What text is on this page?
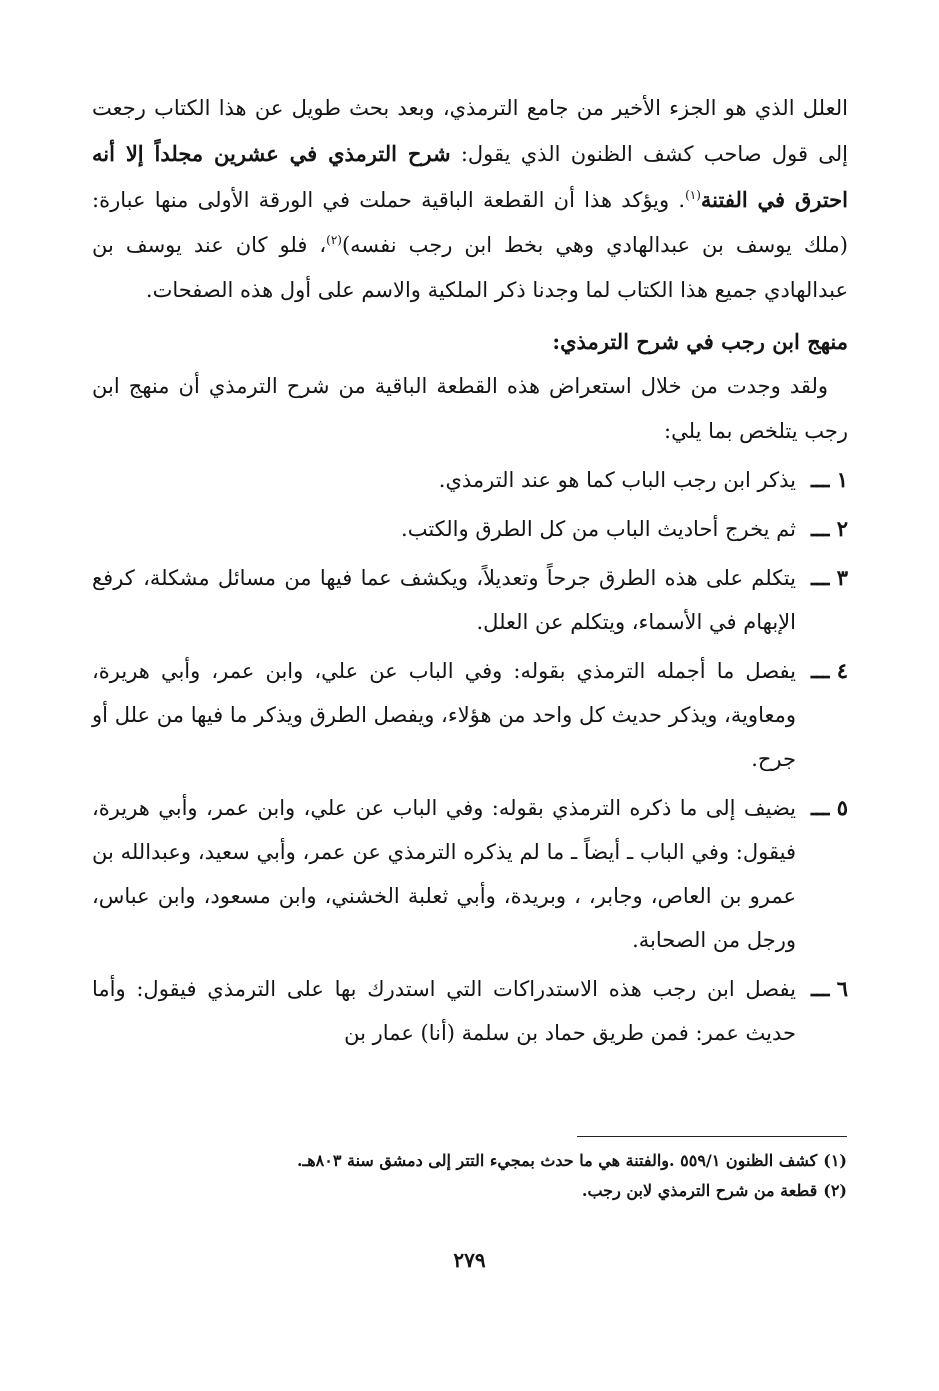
العلل الذي هو الجزء الأخير من جامع الترمذي، وبعد بحث طويل عن هذا الكتاب رجعت إلى قول صاحب كشف الظنون الذي يقول: شرح الترمذي في عشرين مجلداً إلا أنه احترق في الفتنة$^{(١)}$. ويؤكد هذا أن القطعة الباقية حملت في الورقة الأولى منها عبارة: (ملك يوسف بن عبدالهادي وهي بخط ابن رجب نفسه)$^{(٢)}$، فلو كان عند يوسف بن عبدالهادي جميع هذا الكتاب لما وجدنا ذكر الملكية والاسم على أول هذه الصفحات.

منهج ابن رجب في شرح الترمذي:
ولقد وجدت من خلال استعراض هذه القطعة الباقية من شرح الترمذي أن منهج ابن رجب يتلخص بما يلي:
١ ـــ
يذكر ابن رجب الباب كما هو عند الترمذي.
٢ ـــ
ثم يخرج أحاديث الباب من كل الطرق والكتب.
٣ ـــ
يتكلم على هذه الطرق جرحاً وتعديلاً، ويكشف عما فيها من مسائل مشكلة، كرفع الإبهام في الأسماء، ويتكلم عن العلل.
٤ ـــ
يفصل ما أجمله الترمذي بقوله: وفي الباب عن علي، وابن عمر، وأبي هريرة، ومعاوية، ويذكر حديث كل واحد من هؤلاء، ويفصل الطرق ويذكر ما فيها من علل أو جرح.
٥ ـــ
يضيف إلى ما ذكره الترمذي بقوله: وفي الباب عن علي، وابن عمر، وأبي هريرة، فيقول: وفي الباب ـ أيضاً ـ ما لم يذكره الترمذي عن عمر، وأبي سعيد، وعبدالله بن عمرو بن العاص، وجابر، ، وبريدة، وأبي ثعلبة الخشني، وابن مسعود، وابن عباس، ورجل من الصحابة.
٦ ـــ
يفصل ابن رجب هذه الاستدراكات التي استدرك بها على الترمذي فيقول: وأما حديث عمر: فمن طريق حماد بن سلمة (أنا) عمار بن
(١)كشف الظنون ٥٥٩/١ .والفتنة هي ما حدث بمجيء التتر إلى دمشق سنة ٨٠٣هـ.
(٢)قطعة من شرح الترمذي لابن رجب.
٢٧٩
